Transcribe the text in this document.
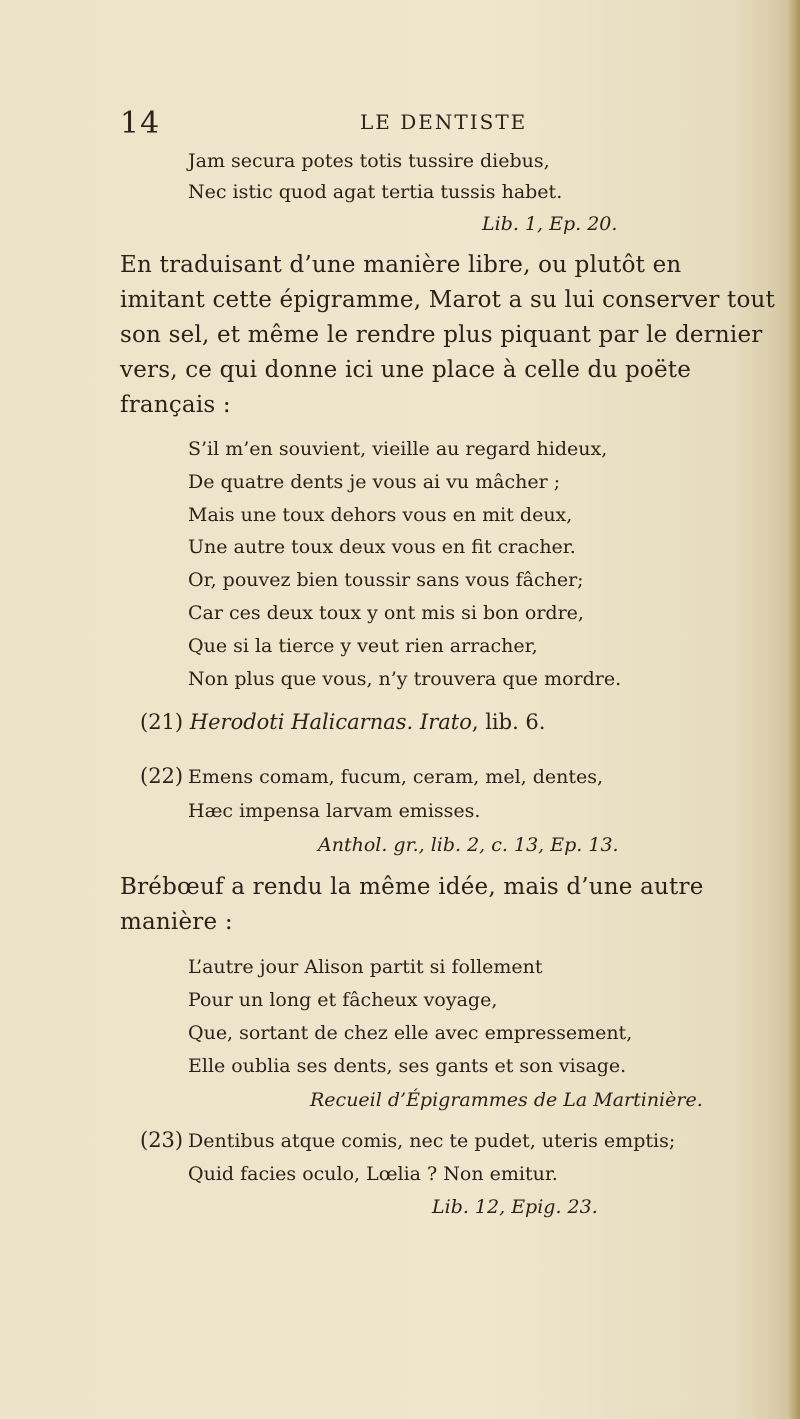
14	LE DENTISTE
Jam secura potes totis tussire diebus,
Nec istic quod agat tertia tussis habet.
Lib. 1, Ep. 20.
En traduisant d’une manière libre, ou plutôt en
imitant cette épigramme, Marot a su lui conserver tout
son sel, et même le rendre plus piquant par le dernier
vers, ce qui donne ici une place à celle du poëte
français :
S’il m’en souvient, vieille au regard hideux,
De quatre dents je vous ai vu mâcher ;
Mais une toux dehors vous en mit deux,
Une autre toux deux vous en fit cracher.
Or, pouvez bien toussir sans vous fâcher;
Car ces deux toux y ont mis si bon ordre,
Que si la tierce y veut rien arracher,
Non plus que vous, n’y trouvera que mordre.
(21) Herodoti Halicarnas. Irato, lib. 6.
(22) Emens comam, fucum, ceram, mel, dentes,
Hæc impensa larvam emisses.
Anthol. gr., lib. 2, c. 13, Ep. 13.
Brébœuf a rendu la même idée, mais d’une autre
manière :
L’autre jour Alison partit si follement
Pour un long et fâcheux voyage,
Que, sortant de chez elle avec empressement,
Elle oublia ses dents, ses gants et son visage.
Recueil d’Épigrammes de La Martinière.
(23) Dentibus atque comis, nec te pudet, uteris emptis;
Quid facies oculo, Lœlia ? Non emitur.
Lib. 12, Epig. 23.
